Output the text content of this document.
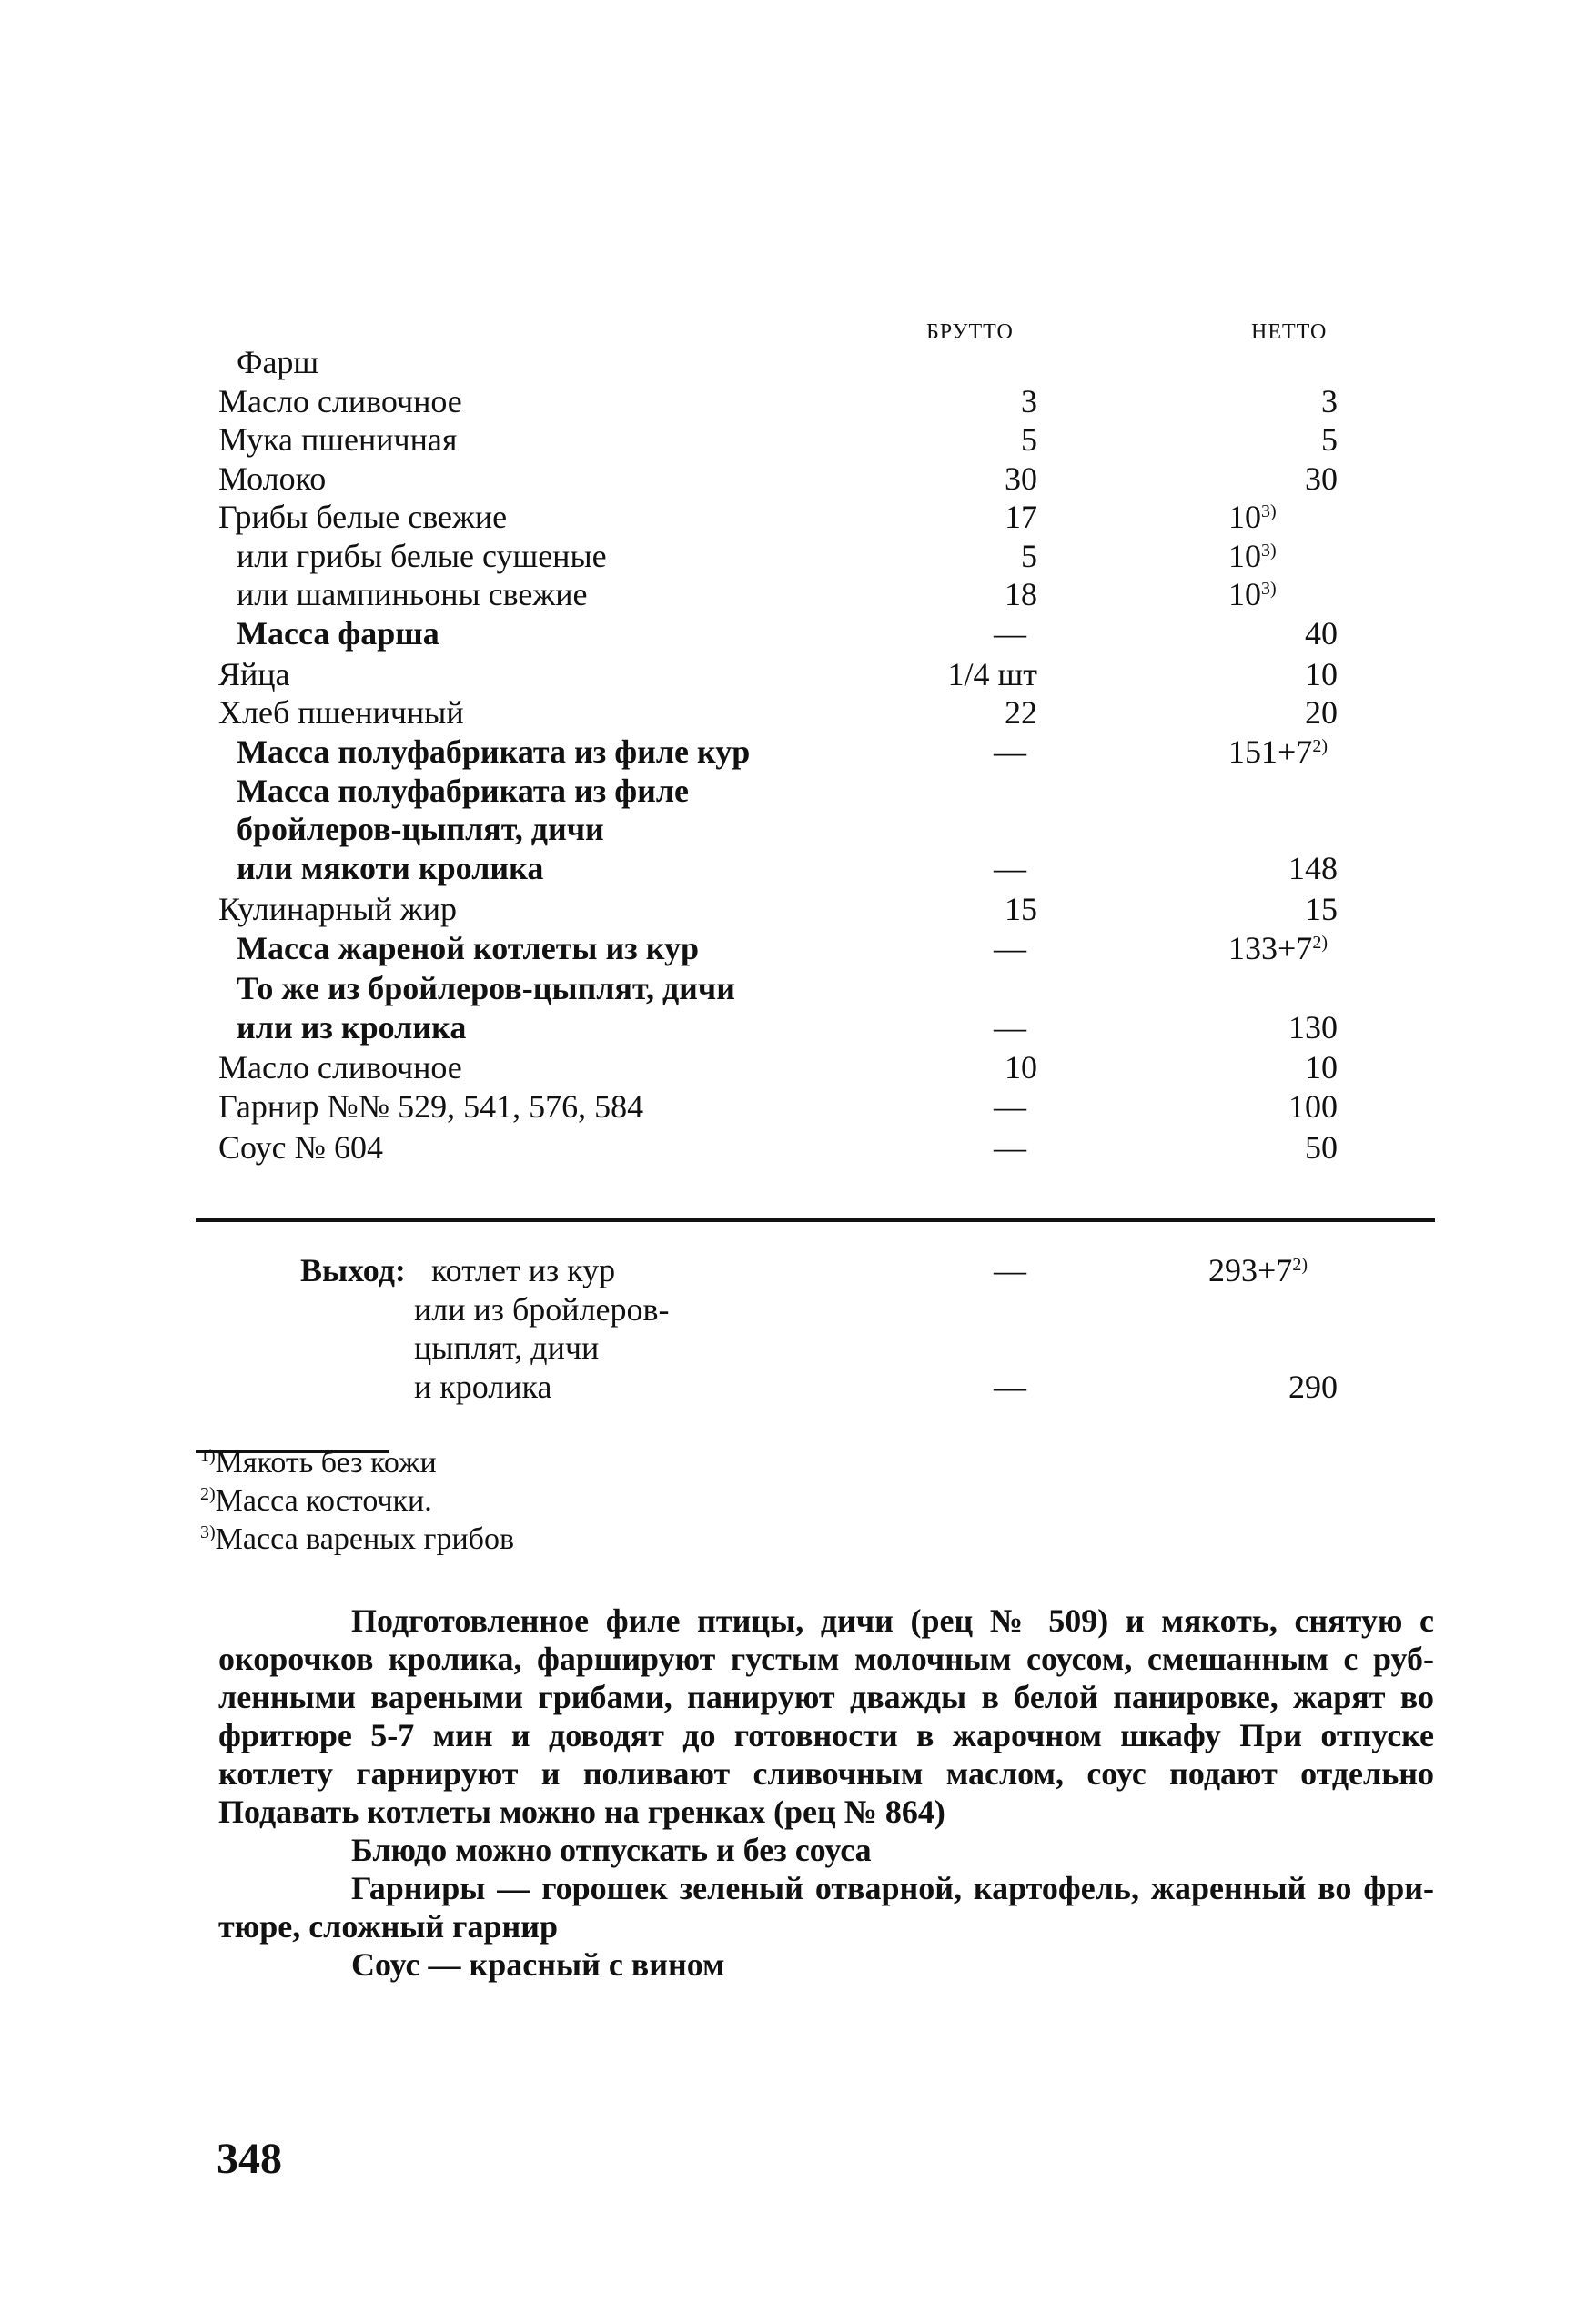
БРУТТО	НЕТТО
Фарш
Масло сливочное	3	3
Мука пшеничная	5	5
Молоко	30	30
Грибы белые свежие	17	10$^{3)}$
или грибы белые сушеные	5	10$^{3)}$
или шампиньоны свежие	18	10$^{3)}$
Масса фарша	—	40
Яйца	1/4 шт	10
Хлеб пшеничный	22	20
Масса полуфабриката из филе кур	—	$151+7^{2)}$
Масса полуфабриката из филе
бройлеров-цыплят, дичи
или мякоти кролика	—	148
Кулинарный жир	15	15
Масса жареной котлеты из кур	—	$133+7^{2)}$
То же из бройлеров-цыплят, дичи
или из кролика	—	130
Масло сливочное	10	10
Гарнир №№ 529, 541, 576, 584	—	100
Соус № 604	—	50
Выход: котлет из кур	—	$293+7^{2)}$
или из бройлеров-
цыплят, дичи
и кролика	—	290
$^{1)}$Мякоть без кожи
$^{2)}$Масса косточки.
$^{3)}$Масса вареных грибов
Подготовленное филе птицы, дичи (рец № 509) и мякоть, снятую с
окорочков кролика, фаршируют густым молочным соусом, смешанным с руб-
ленными вареными грибами, панируют дважды в белой панировке, жарят во
фритюре 5-7 мин и доводят до готовности в жарочном шкафу При отпуске
котлету гарнируют и поливают сливочным маслом, соус подают отдельно
Подавать котлеты можно на гренках (рец № 864)
Блюдо можно отпускать и без соуса
Гарниры — горошек зеленый отварной, картофель, жаренный во фри-
тюре, сложный гарнир
Соус — красный с вином
348
